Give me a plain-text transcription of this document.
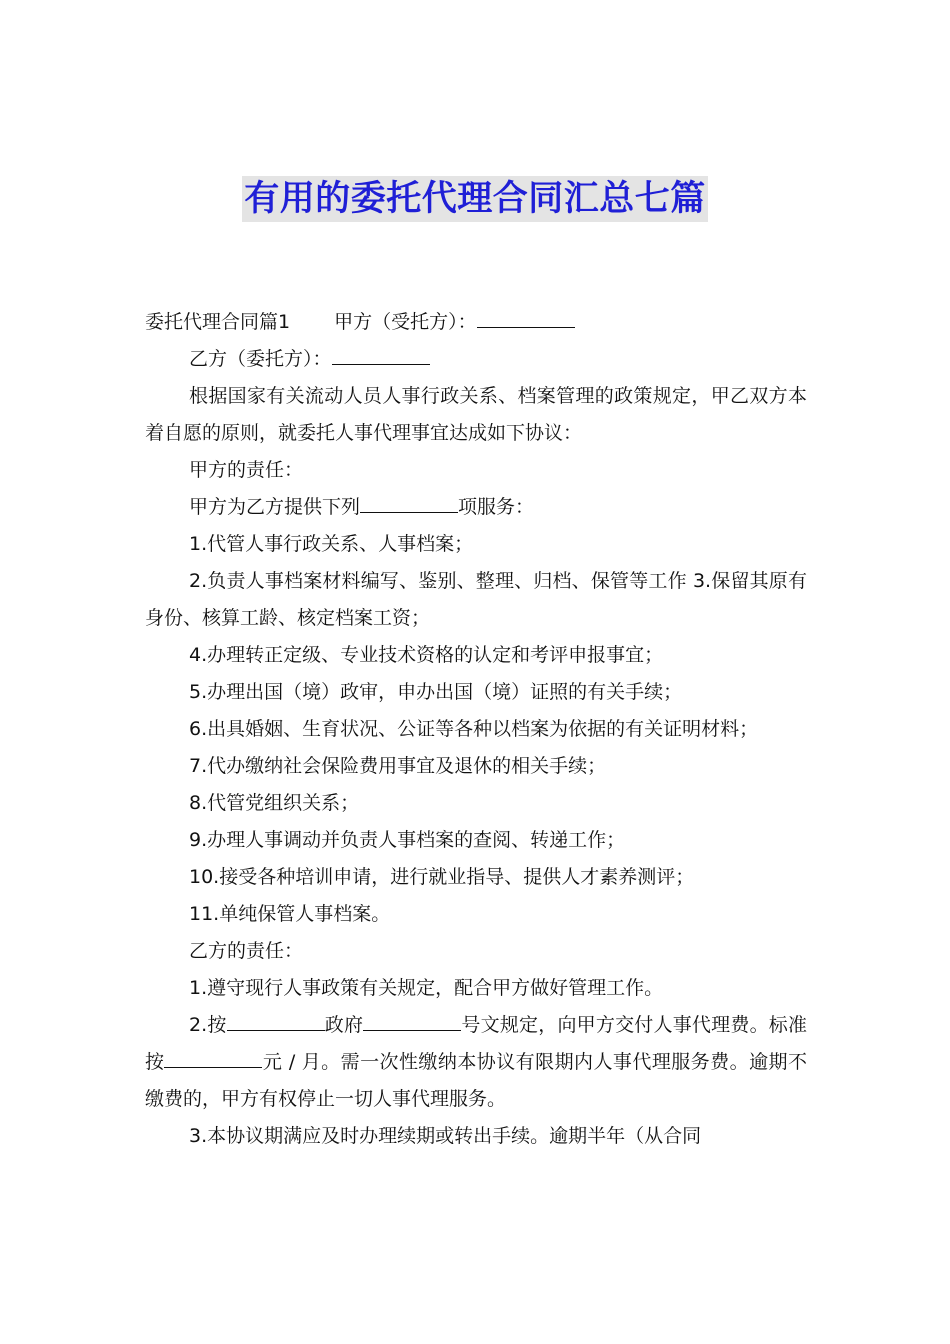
有用的委托代理合同汇总七篇

委托代理合同篇1 甲方（受托方）：

乙方（委托方）：

根据国家有关流动人员人事行政关系、档案管理的政策规定，甲乙双方本着自愿的原则，就委托人事代理事宜达成如下协议：

甲方的责任：

甲方为乙方提供下列	项服务：

1.代管人事行政关系、人事档案；

2.负责人事档案材料编写、鉴别、整理、归档、保管等工作 3.保留其原有身份、核算工龄、核定档案工资；

4.办理转正定级、专业技术资格的认定和考评申报事宜；

5.办理出国（境）政审，申办出国（境）证照的有关手续；

6.出具婚姻、生育状况、公证等各种以档案为依据的有关证明材料；

7.代办缴纳社会保险费用事宜及退休的相关手续；

8.代管党组织关系；

9.办理人事调动并负责人事档案的查阅、转递工作；

10.接受各种培训申请，进行就业指导、提供人才素养测评；

11.单纯保管人事档案。

乙方的责任：

1.遵守现行人事政策有关规定，配合甲方做好管理工作。

2.按	政府	号文规定，向甲方交付人事代理费。标准按	元 / 月。需一次性缴纳本协议有限期内人事代理服务费。逾期不缴费的，甲方有权停止一切人事代理服务。

3.本协议期满应及时办理续期或转出手续。逾期半年（从合同
